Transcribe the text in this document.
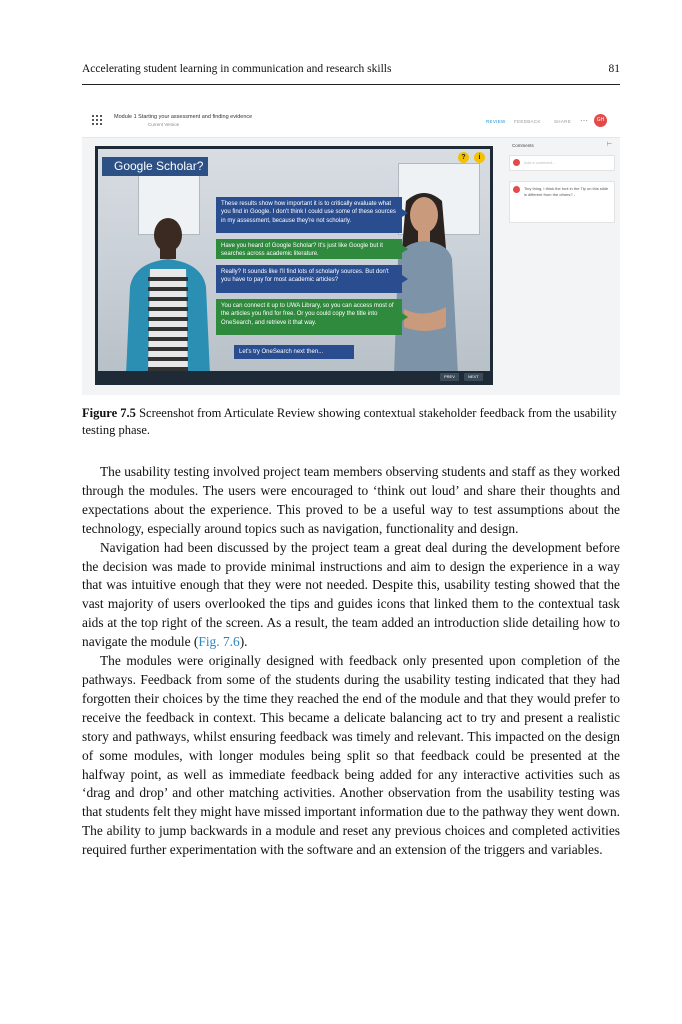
Accelerating student learning in communication and research skills	81
Module 1 Starting your assessment and finding evidence
Current Version
REVIEW FEEDBACK	SHARE ⋯	GH
Google Scholar?
?	i
These results show how important it is to critically evaluate what you find in Google. I don't think I could use some of these sources in my assessment, because they're not scholarly.
Have you heard of Google Scholar? It's just like Google but it searches across academic literature.
Really? It sounds like I'll find lots of scholarly sources. But don't you have to pay for most academic articles?
You can connect it up to UWA Library, so you can access most of the articles you find for free. Or you could copy the title into OneSearch, and retrieve it that way.
Let's try OneSearch next then...
PREV	NEXT
Comments	⊢
Add a comment...
Tiny thing, I think the font in the Tip on this slide is different from the others? -
Figure 7.5 Screenshot from Articulate Review showing contextual stakeholder feedback from the usability testing phase.

The usability testing involved project team members observing students and staff as they worked through the modules. The users were encouraged to ‘think out loud’ and share their thoughts and expectations about the experience. This proved to be a useful way to test assumptions about the technology, especially around topics such as navigation, functionality and design.

Navigation had been discussed by the project team a great deal during the development before the decision was made to provide minimal instructions and aim to design the experience in a way that was intuitive enough that they were not needed. Despite this, usability testing showed that the vast majority of users overlooked the tips and guides icons that linked them to the contextual task aids at the top right of the screen. As a result, the team added an introduction slide detailing how to navigate the module (Fig. 7.6).

The modules were originally designed with feedback only presented upon completion of the pathways. Feedback from some of the students during the usability testing indicated that they had forgotten their choices by the time they reached the end of the module and that they would prefer to receive the feedback in context. This became a delicate balancing act to try and present a realistic story and pathways, whilst ensuring feedback was timely and relevant. This impacted on the design of some modules, with longer modules being split so that feedback could be presented at the halfway point, as well as immediate feedback being added for any interactive activities such as ‘drag and drop’ and other matching activities. Another observation from the usability testing was that students felt they might have missed important information due to the pathway they went down. The ability to jump backwards in a module and reset any previous choices and completed activities required further experimentation with the software and an extension of the triggers and variables.
